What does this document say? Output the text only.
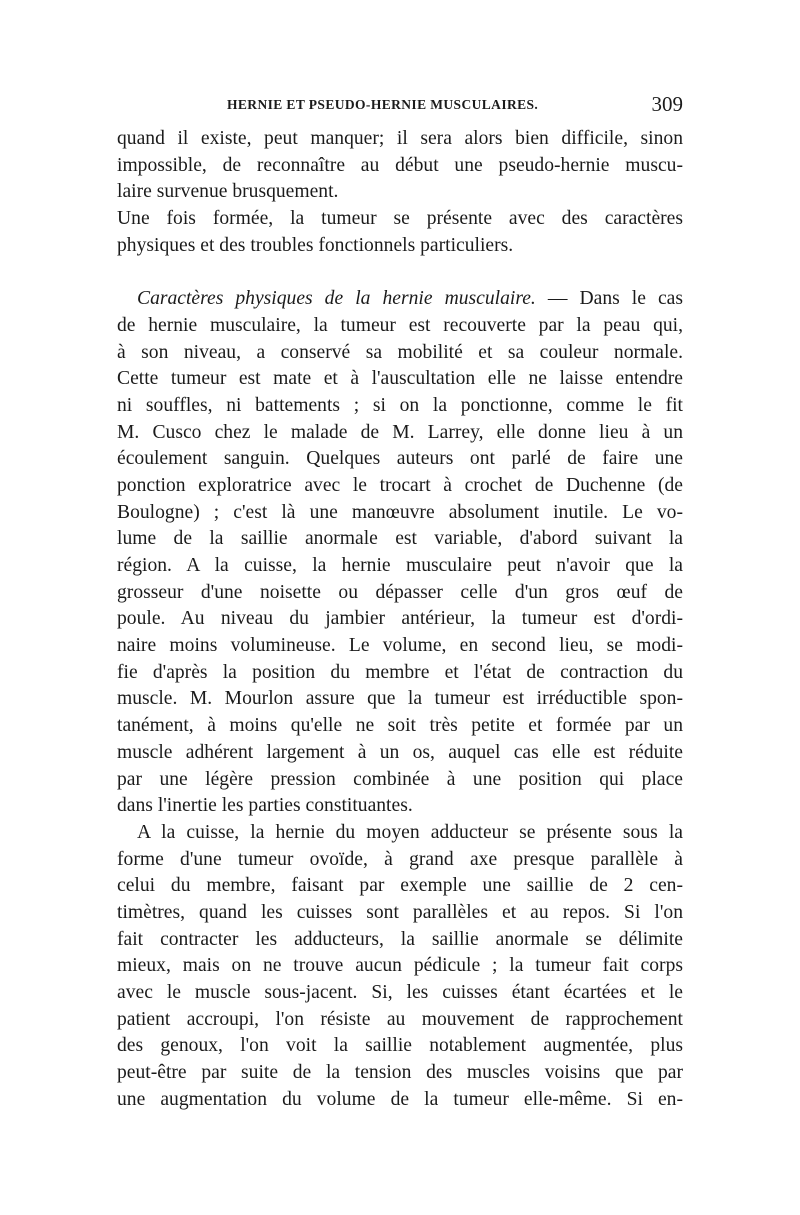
HERNIE ET PSEUDO-HERNIE MUSCULAIRES.	309
quand il existe, peut manquer; il sera alors bien difficile, sinon
impossible, de reconnaître au début une pseudo-hernie muscu-
laire survenue brusquement.
Une fois formée, la tumeur se présente avec des caractères
physiques et des troubles fonctionnels particuliers.
Caractères physiques de la hernie musculaire. — Dans le cas
de hernie musculaire, la tumeur est recouverte par la peau qui,
à son niveau, a conservé sa mobilité et sa couleur normale.
Cette tumeur est mate et à l'auscultation elle ne laisse entendre
ni souffles, ni battements ; si on la ponctionne, comme le fit
M. Cusco chez le malade de M. Larrey, elle donne lieu à un
écoulement sanguin. Quelques auteurs ont parlé de faire une
ponction exploratrice avec le trocart à crochet de Duchenne (de
Boulogne) ; c'est là une manœuvre absolument inutile. Le vo-
lume de la saillie anormale est variable, d'abord suivant la
région. A la cuisse, la hernie musculaire peut n'avoir que la
grosseur d'une noisette ou dépasser celle d'un gros œuf de
poule. Au niveau du jambier antérieur, la tumeur est d'ordi-
naire moins volumineuse. Le volume, en second lieu, se modi-
fie d'après la position du membre et l'état de contraction du
muscle. M. Mourlon assure que la tumeur est irréductible spon-
tanément, à moins qu'elle ne soit très petite et formée par un
muscle adhérent largement à un os, auquel cas elle est réduite
par une légère pression combinée à une position qui place
dans l'inertie les parties constituantes.
A la cuisse, la hernie du moyen adducteur se présente sous la
forme d'une tumeur ovoïde, à grand axe presque parallèle à
celui du membre, faisant par exemple une saillie de 2 cen-
timètres, quand les cuisses sont parallèles et au repos. Si l'on
fait contracter les adducteurs, la saillie anormale se délimite
mieux, mais on ne trouve aucun pédicule ; la tumeur fait corps
avec le muscle sous-jacent. Si, les cuisses étant écartées et le
patient accroupi, l'on résiste au mouvement de rapprochement
des genoux, l'on voit la saillie notablement augmentée, plus
peut-être par suite de la tension des muscles voisins que par
une augmentation du volume de la tumeur elle-même. Si en-
